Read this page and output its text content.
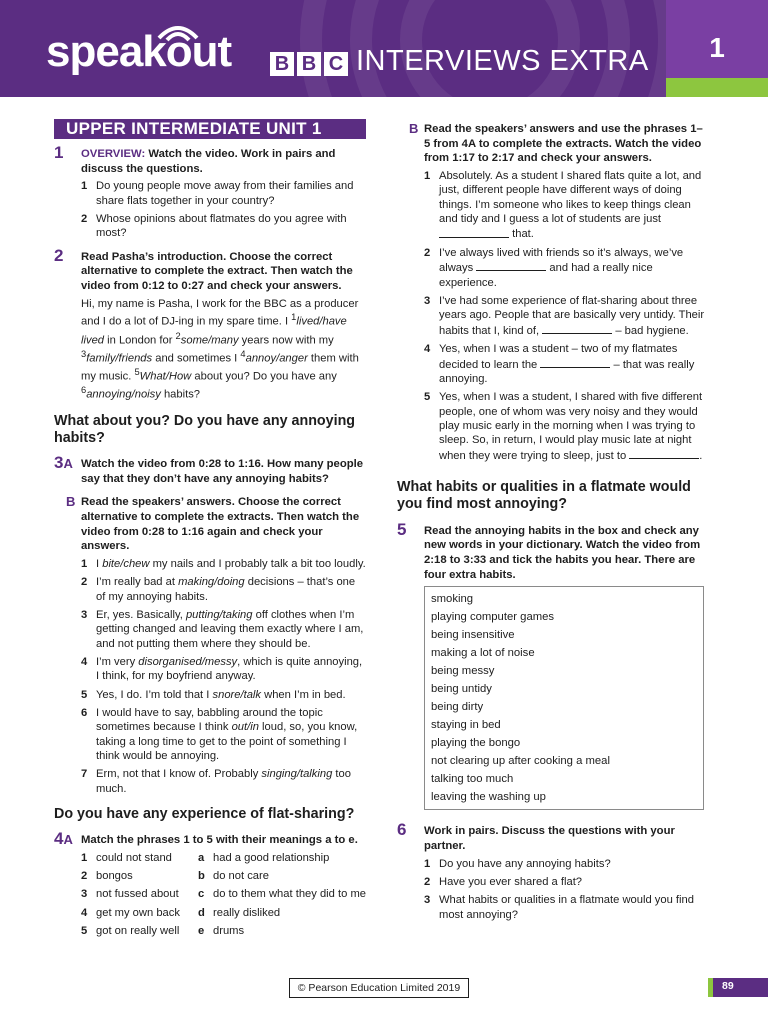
speakout B B C INTERVIEWS EXTRA	1
UPPER INTERMEDIATE UNIT 1
1 OVERVIEW: Watch the video. Work in pairs and discuss the questions.
1 Do young people move away from their families and share flats together in your country?
2 Whose opinions about flatmates do you agree with most?
2 Read Pasha’s introduction. Choose the correct alternative to complete the extract. Then watch the video from 0:12 to 0:27 and check your answers.
Hi, my name is Pasha, I work for the BBC as a producer and I do a lot of DJ-ing in my spare time. I $^1$lived/have lived in London for $^2$some/many years now with my $^3$family/friends and sometimes I $^4$annoy/anger them with my music. $^5$What/How about you? Do you have any $^6$annoying/noisy habits?
What about you? Do you have any annoying habits?
3A Watch the video from 0:28 to 1:16. How many people say that they don’t have any annoying habits?
B Read the speakers’ answers. Choose the correct alternative to complete the extracts. Then watch the video from 0:28 to 1:16 again and check your answers.
1 I bite/chew my nails and I probably talk a bit too loudly.
2 I’m really bad at making/doing decisions – that’s one of my annoying habits.
3 Er, yes. Basically, putting/taking off clothes when I’m getting changed and leaving them exactly where I am, and not putting them where they should be.
4 I’m very disorganised/messy, which is quite annoying, I think, for my boyfriend anyway.
5 Yes, I do. I’m told that I snore/talk when I’m in bed.
6 I would have to say, babbling around the topic sometimes because I think out/in loud, so, you know, taking a long time to get to the point of something I think would be annoying.
7 Erm, not that I know of. Probably singing/talking too much.
Do you have any experience of flat-sharing?
4A Match the phrases 1 to 5 with their meanings a to e.
1	could not stand	a	had a good relationship
2	bongos	b	do not care
3	not fussed about	c	do to them what they did to me
4	get my own back	d	really disliked
5	got on really well	e	drums
B Read the speakers’ answers and use the phrases 1–5 from 4A to complete the extracts. Watch the video from 1:17 to 2:17 and check your answers.
1 Absolutely. As a student I shared flats quite a lot, and just, different people have different ways of doing things. I’m someone who likes to keep things clean and tidy and I guess a lot of students are just  that.
2 I’ve always lived with friends so it’s always, we’ve always	and had a really nice experience.
3 I’ve had some experience of flat-sharing about three years ago. People that are basically very untidy. Their habits that I, kind of,	– bad hygiene.
4 Yes, when I was a student – two of my flatmates decided to learn the	– that was really annoying.
5 Yes, when I was a student, I shared with five different people, one of whom was very noisy and they would play music early in the morning when I was trying to sleep. So, in return, I would play music late at night when they were trying to sleep, just to	.
What habits or qualities in a flatmate would you find most annoying?
5 Read the annoying habits in the box and check any new words in your dictionary. Watch the video from 2:18 to 3:33 and tick the habits you hear. There are four extra habits.
smoking
playing computer games
being insensitive
making a lot of noise
being messy
being untidy
being dirty
staying in bed
playing the bongo
not clearing up after cooking a meal
talking too much
leaving the washing up
6 Work in pairs. Discuss the questions with your partner.
1 Do you have any annoying habits?
2 Have you ever shared a flat?
3 What habits or qualities in a flatmate would you find most annoying?
© Pearson Education Limited 2019	89
